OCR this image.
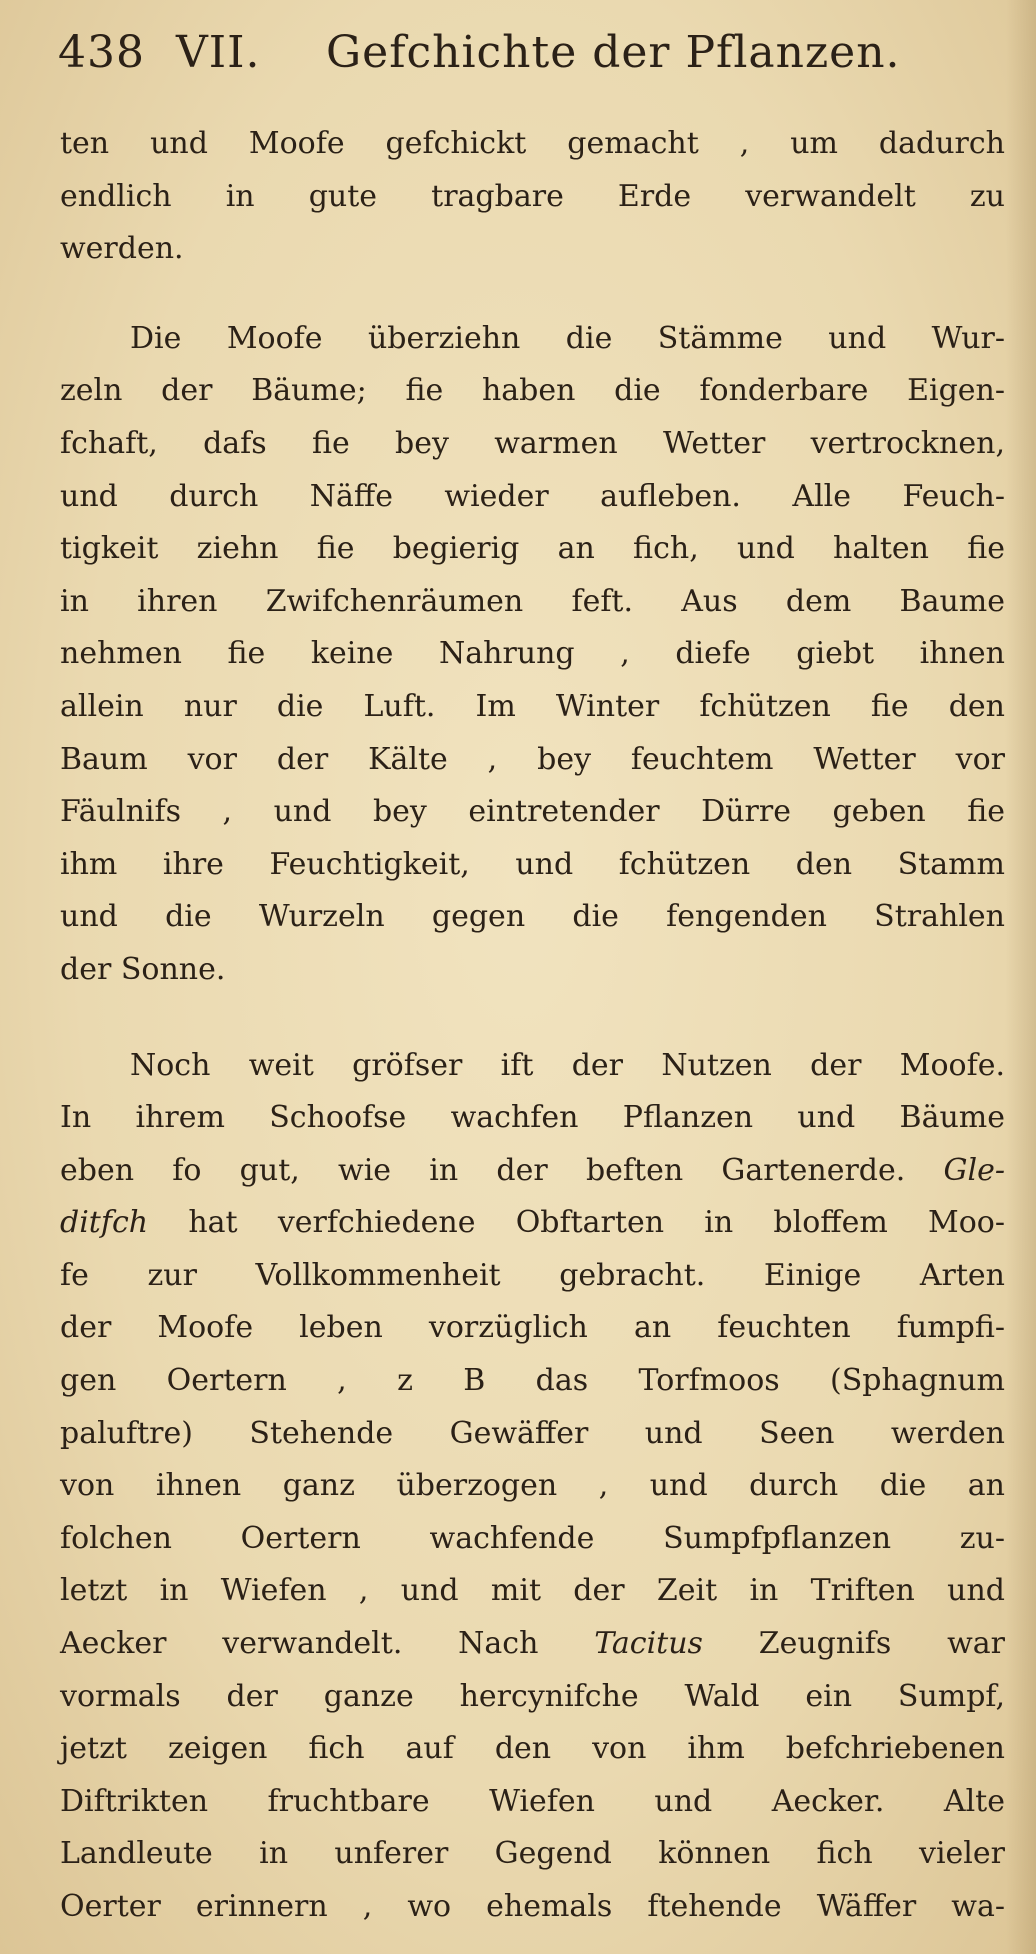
438 VII. Gefchichte der Pflanzen.
ten und Moofe gefchickt gemacht , um dadurch
endlich in gute tragbare Erde verwandelt zu
werden.
Die Moofe überziehn die Stämme und Wur-
zeln der Bäume; fie haben die fonderbare Eigen-
fchaft, dafs fie bey warmen Wetter vertrocknen,
und durch Näffe wieder aufleben. Alle Feuch-
tigkeit ziehn fie begierig an fich, und halten fie
in ihren Zwifchenräumen feft. Aus dem Baume
nehmen fie keine Nahrung , diefe giebt ihnen
allein nur die Luft. Im Winter fchützen fie den
Baum vor der Kälte , bey feuchtem Wetter vor
Fäulnifs , und bey eintretender Dürre geben fie
ihm ihre Feuchtigkeit, und fchützen den Stamm
und die Wurzeln gegen die fengenden Strahlen
der Sonne.
Noch weit gröfser ift der Nutzen der Moofe.
In ihrem Schoofse wachfen Pflanzen und Bäume
eben fo gut, wie in der beften Gartenerde. Gle-
ditfch hat verfchiedene Obftarten in bloffem Moo-
fe zur Vollkommenheit gebracht. Einige Arten
der Moofe leben vorzüglich an feuchten fumpfi-
gen Oertern , z B das Torfmoos (Sphagnum
paluftre) Stehende Gewäffer und Seen werden
von ihnen ganz überzogen , und durch die an
folchen Oertern wachfende Sumpfpflanzen zu-
letzt in Wiefen , und mit der Zeit in Triften und
Aecker verwandelt. Nach Tacitus Zeugnifs war
vormals der ganze hercynifche Wald ein Sumpf,
jetzt zeigen fich auf den von ihm befchriebenen
Diftrikten fruchtbare Wiefen und Aecker. Alte
Landleute in unferer Gegend können fich vieler
Oerter erinnern , wo ehemals ftehende Wäffer wa-
